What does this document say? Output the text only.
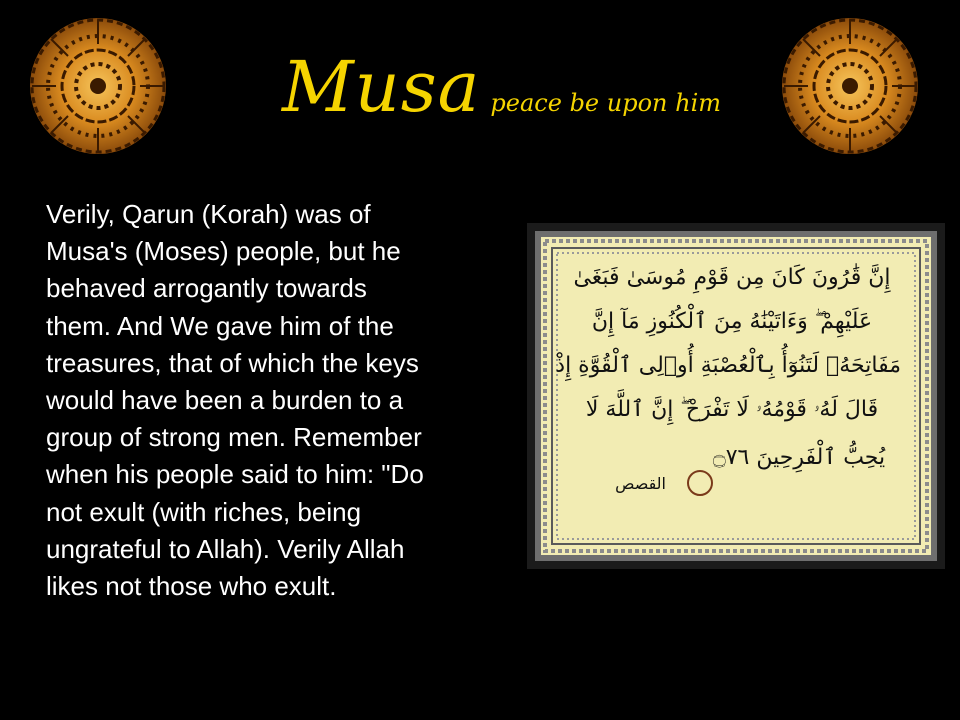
Musa peace be upon him
Verily, Qarun (Korah) was of
Musa's (Moses) people, but he
behaved arrogantly towards
them. And We gave him of the
treasures, that of which the keys
would have been a burden to a
group of strong men. Remember
when his people said to him: "Do
not exult (with riches, being
ungrateful to Allah). Verily Allah
likes not those who exult.
إِنَّ قَٰرُونَ كَانَ مِن قَوْمِ مُوسَىٰ فَبَغَىٰ
عَلَيْهِمْ ۖ وَءَاتَيْنَٰهُ مِنَ ٱلْكُنُوزِ مَآ إِنَّ
مَفَاتِحَهُۥ لَتَنُوٓأُ بِٱلْعُصْبَةِ أُو۟لِى ٱلْقُوَّةِ إِذْ
قَالَ لَهُۥ قَوْمُهُۥ لَا تَفْرَحْ ۖ إِنَّ ٱللَّهَ لَا
يُحِبُّ ٱلْفَرِحِينَ ۝٧٦
القصص
